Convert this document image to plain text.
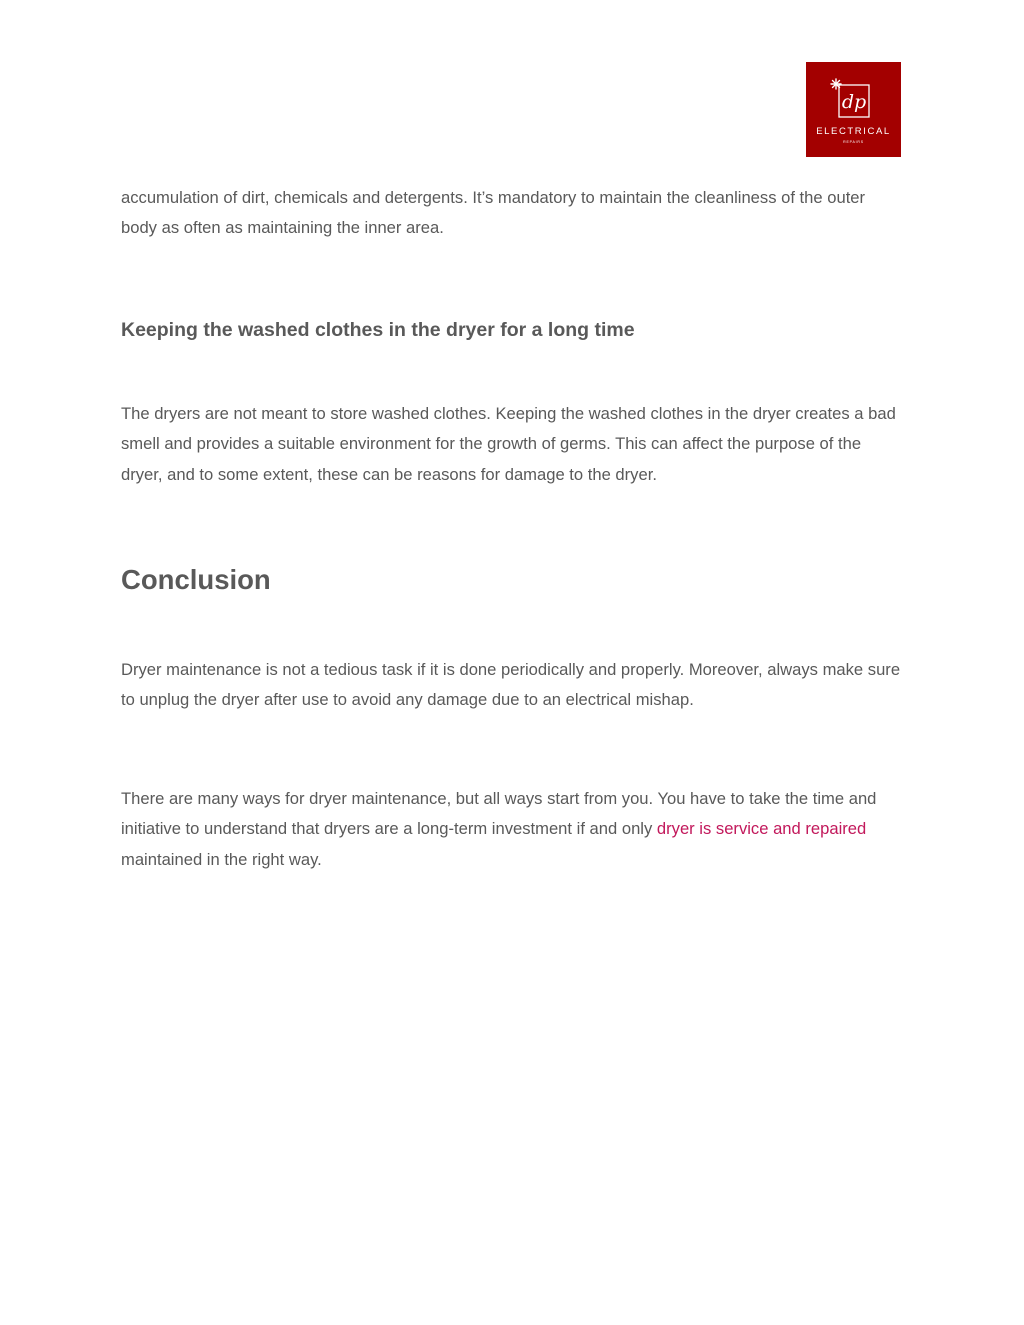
dp
ELECTRICAL
REPAIRS

accumulation of dirt, chemicals and detergents. It’s mandatory to maintain the cleanliness of the outer body as often as maintaining the inner area.

Keeping the washed clothes in the dryer for a long time

The dryers are not meant to store washed clothes. Keeping the washed clothes in the dryer creates a bad smell and provides a suitable environment for the growth of germs. This can affect the purpose of the dryer, and to some extent, these can be reasons for damage to the dryer.

Conclusion

Dryer maintenance is not a tedious task if it is done periodically and properly. Moreover, always make sure to unplug the dryer after use to avoid any damage due to an electrical mishap.

There are many ways for dryer maintenance, but all ways start from you. You have to take the time and initiative to understand that dryers are a long-term investment if and only dryer is service and repaired maintained in the right way.
